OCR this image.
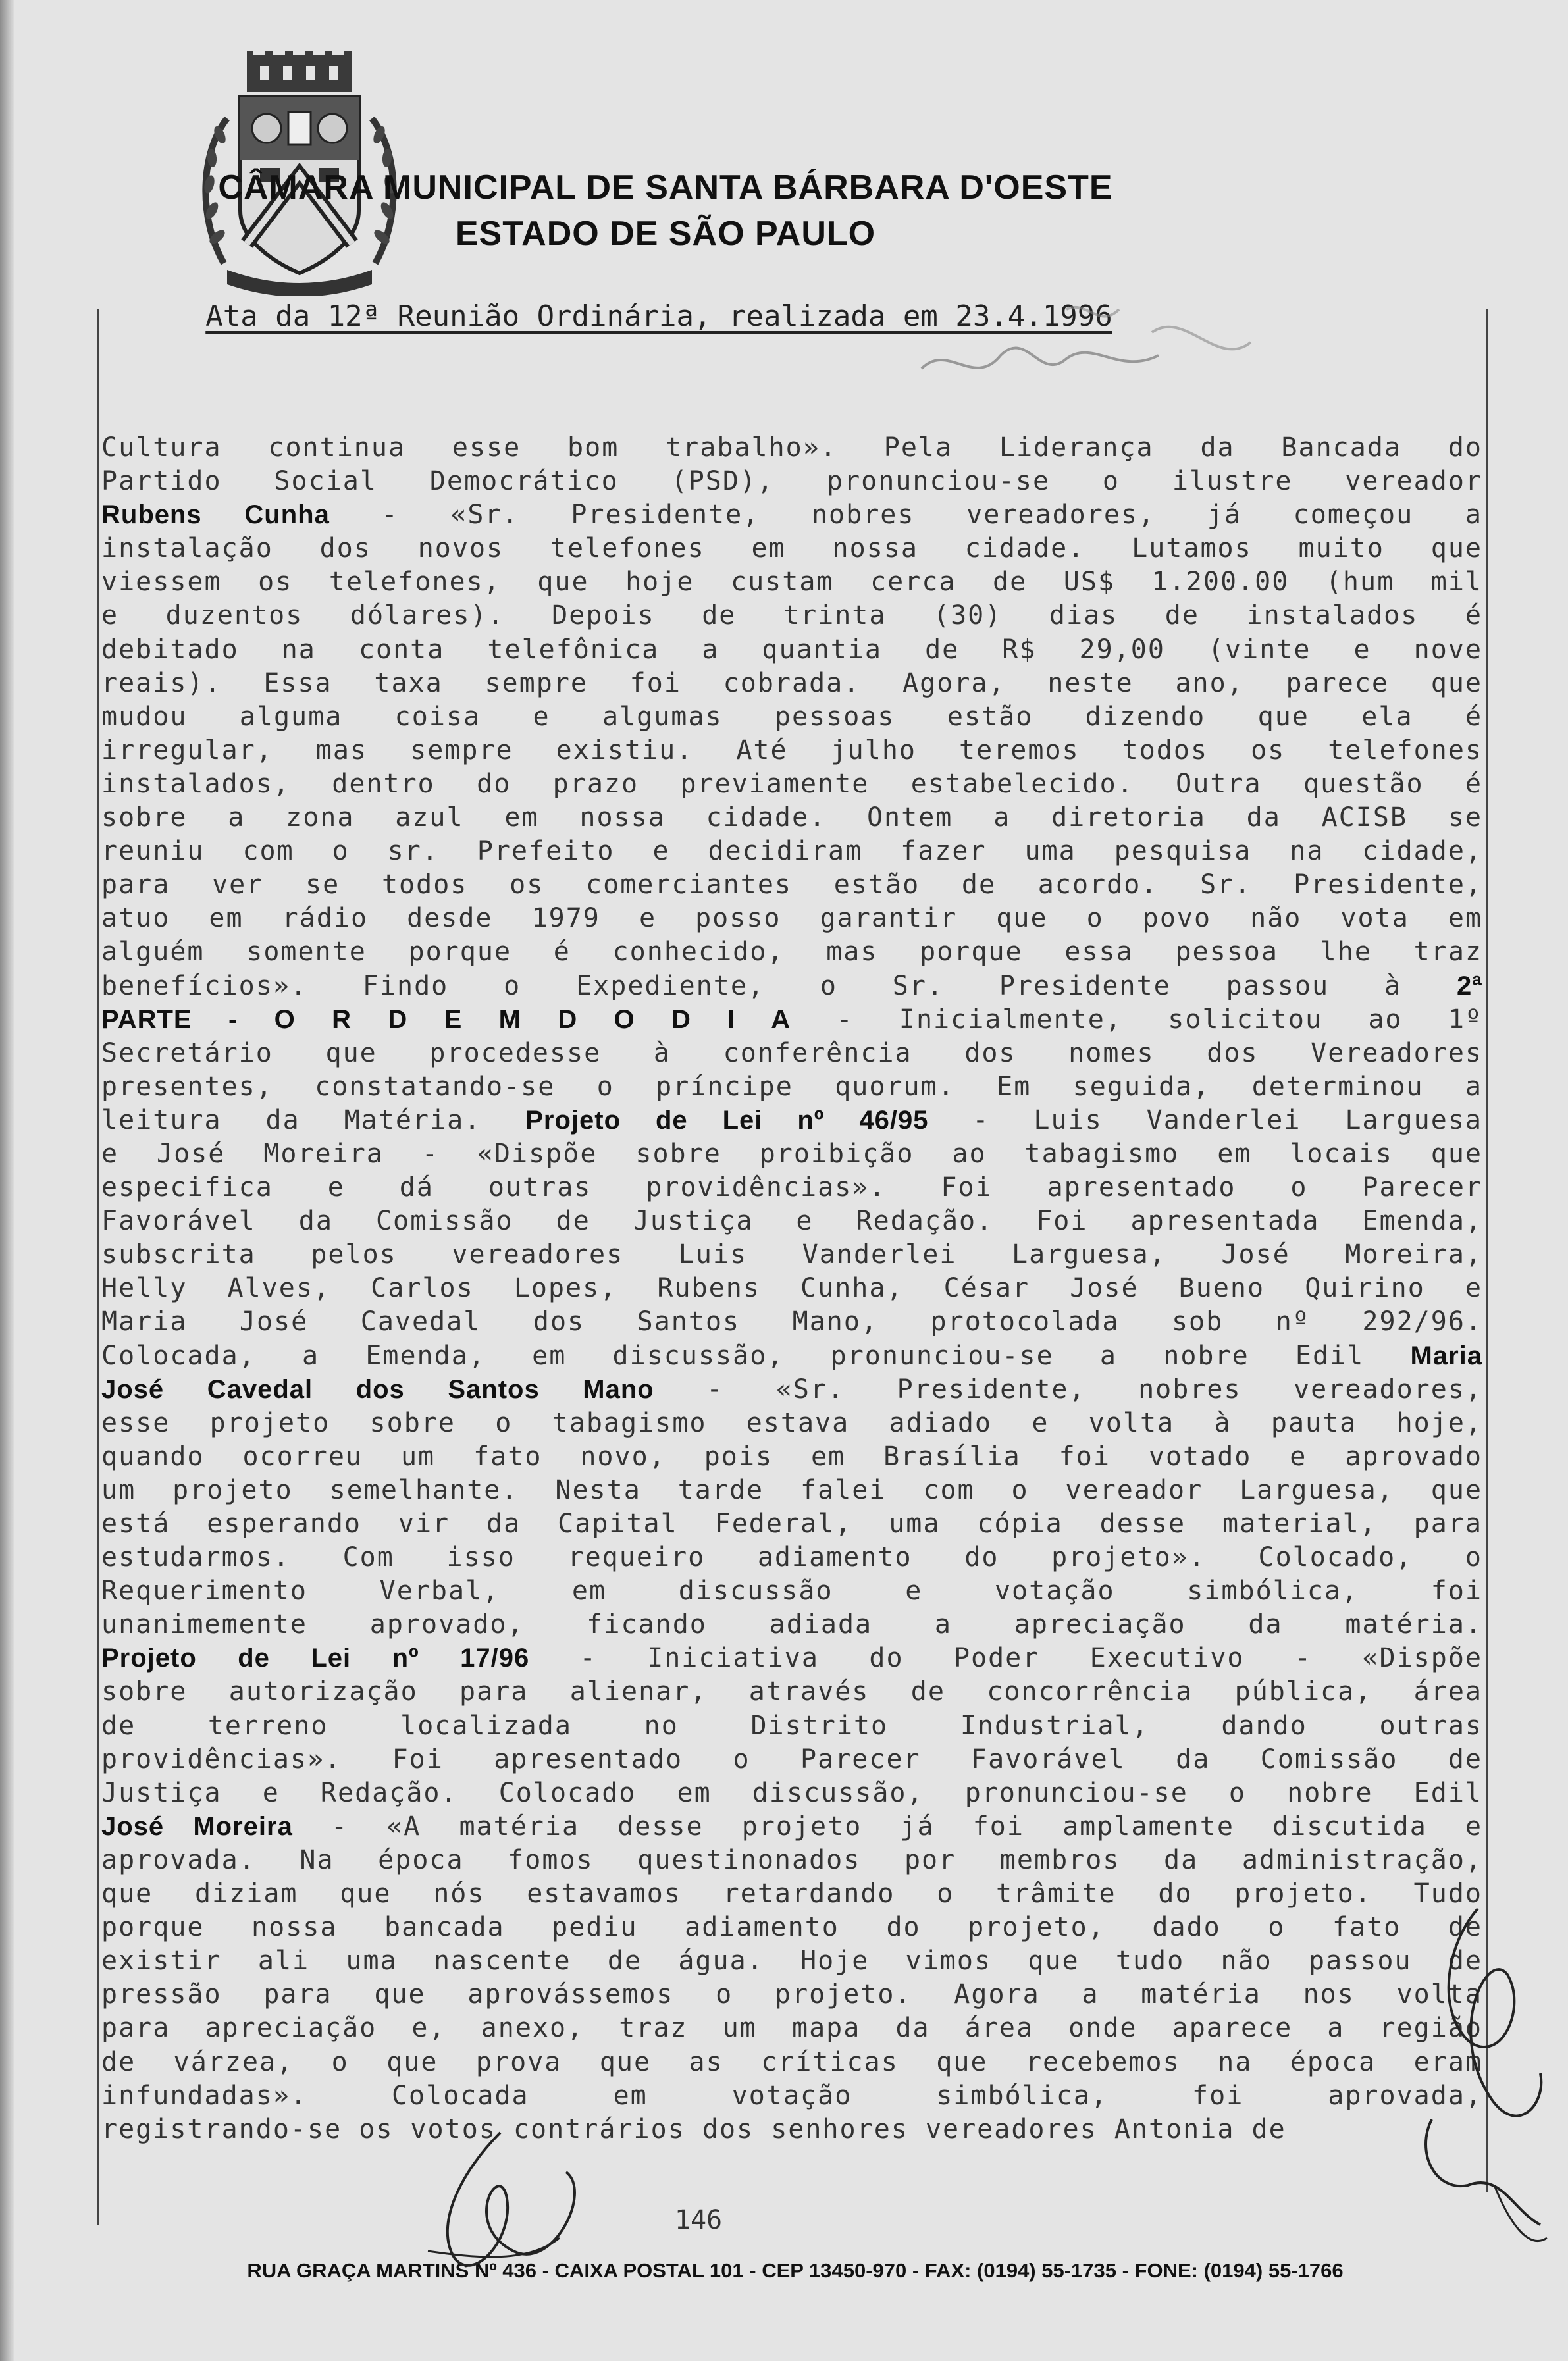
CÂMARA MUNICIPAL DE SANTA BÁRBARA D'OESTE
ESTADO DE SÃO PAULO
Ata da 12ª Reunião Ordinária, realizada em 23.4.1996
Cultura continua esse bom trabalho». Pela Liderança da Bancada do
Partido Social Democrático (PSD), pronunciou-se o ilustre vereador
Rubens Cunha - «Sr. Presidente, nobres vereadores, já começou a
instalação dos novos telefones em nossa cidade. Lutamos muito que
viessem os telefones, que hoje custam cerca de US$ 1.200.00 (hum mil
e duzentos dólares). Depois de trinta (30) dias de instalados é
debitado na conta telefônica a quantia de R$ 29,00 (vinte e nove
reais). Essa taxa sempre foi cobrada. Agora, neste ano, parece que
mudou alguma coisa e algumas pessoas estão dizendo que ela é
irregular, mas sempre existiu. Até julho teremos todos os telefones
instalados, dentro do prazo previamente estabelecido. Outra questão é
sobre a zona azul em nossa cidade. Ontem a diretoria da ACISB se
reuniu com o sr. Prefeito e decidiram fazer uma pesquisa na cidade,
para ver se todos os comerciantes estão de acordo. Sr. Presidente,
atuo em rádio desde 1979 e posso garantir que o povo não vota em
alguém somente porque é conhecido, mas porque essa pessoa lhe traz
benefícios». Findo o Expediente, o Sr. Presidente passou à 2ª
PARTE - O R D E M D O D I A - Inicialmente, solicitou ao 1º
Secretário que procedesse à conferência dos nomes dos Vereadores
presentes, constatando-se o príncipe quorum. Em seguida, determinou a
leitura da Matéria. Projeto de Lei nº 46/95 - Luis Vanderlei Larguesa
e José Moreira - «Dispõe sobre proibição ao tabagismo em locais que
especifica e dá outras providências». Foi apresentado o Parecer
Favorável da Comissão de Justiça e Redação. Foi apresentada Emenda,
subscrita pelos vereadores Luis Vanderlei Larguesa, José Moreira,
Helly Alves, Carlos Lopes, Rubens Cunha, César José Bueno Quirino e
Maria José Cavedal dos Santos Mano, protocolada sob nº 292/96.
Colocada, a Emenda, em discussão, pronunciou-se a nobre Edil Maria
José Cavedal dos Santos Mano - «Sr. Presidente, nobres vereadores,
esse projeto sobre o tabagismo estava adiado e volta à pauta hoje,
quando ocorreu um fato novo, pois em Brasília foi votado e aprovado
um projeto semelhante. Nesta tarde falei com o vereador Larguesa, que
está esperando vir da Capital Federal, uma cópia desse material, para
estudarmos. Com isso requeiro adiamento do projeto». Colocado, o
Requerimento Verbal, em discussão e votação simbólica, foi
unanimemente aprovado, ficando adiada a apreciação da matéria.
Projeto de Lei nº 17/96 - Iniciativa do Poder Executivo - «Dispõe
sobre autorização para alienar, através de concorrência pública, área
de terreno localizada no Distrito Industrial, dando outras
providências». Foi apresentado o Parecer Favorável da Comissão de
Justiça e Redação. Colocado em discussão, pronunciou-se o nobre Edil
José Moreira - «A matéria desse projeto já foi amplamente discutida e
aprovada. Na época fomos questinonados por membros da administração,
que diziam que nós estavamos retardando o trâmite do projeto. Tudo
porque nossa bancada pediu adiamento do projeto, dado o fato de
existir ali uma nascente de água. Hoje vimos que tudo não passou de
pressão para que aprovássemos o projeto. Agora a matéria nos volta
para apreciação e, anexo, traz um mapa da área onde aparece a região
de várzea, o que prova que as críticas que recebemos na época eram
infundadas». Colocada em votação simbólica, foi aprovada,
registrando-se os votos contrários dos senhores vereadores Antonia de
146
RUA GRAÇA MARTINS Nº 436 - CAIXA POSTAL 101 - CEP 13450-970 - FAX: (0194) 55-1735 - FONE: (0194) 55-1766
